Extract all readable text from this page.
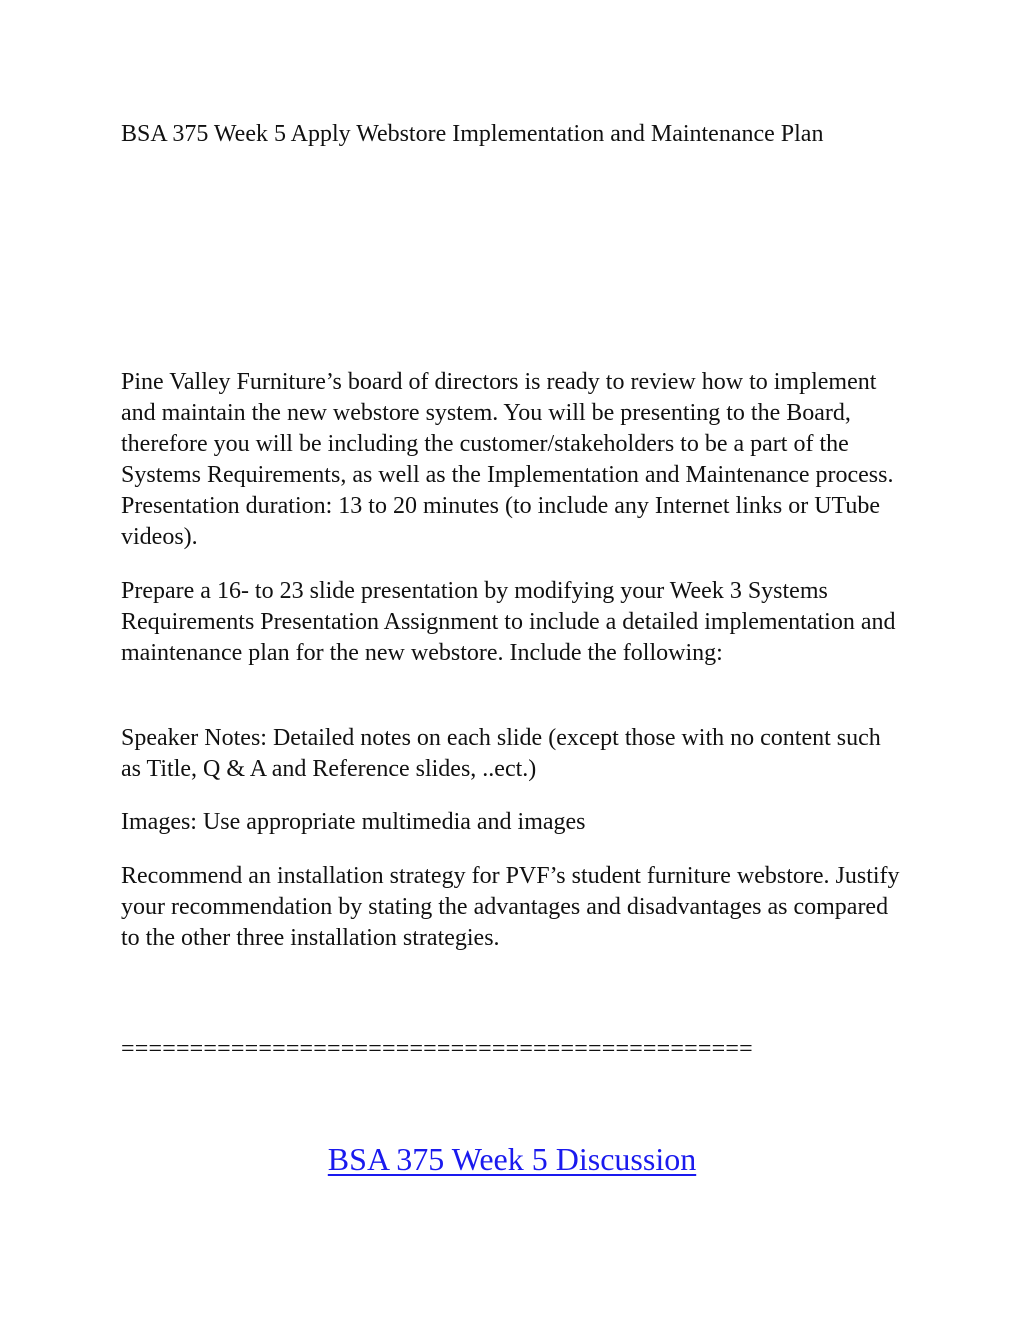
BSA 375 Week 5 Apply Webstore Implementation and Maintenance Plan

Pine Valley Furniture’s board of directors is ready to review how to implement and maintain the new webstore system. You will be presenting to the Board, therefore you will be including the customer/stakeholders to be a part of the Systems Requirements, as well as the Implementation and Maintenance process. Presentation duration: 13 to 20 minutes (to include any Internet links or UTube videos).

Prepare a 16- to 23 slide presentation by modifying your Week 3 Systems Requirements Presentation Assignment to include a detailed implementation and maintenance plan for the new webstore. Include the following:

Speaker Notes: Detailed notes on each slide (except those with no content such as Title, Q & A and Reference slides, ..ect.)

Images: Use appropriate multimedia and images

Recommend an installation strategy for PVF’s student furniture webstore. Justify your recommendation by stating the advantages and disadvantages as compared to the other three installation strategies.

==============================================

BSA 375 Week 5 Discussion
